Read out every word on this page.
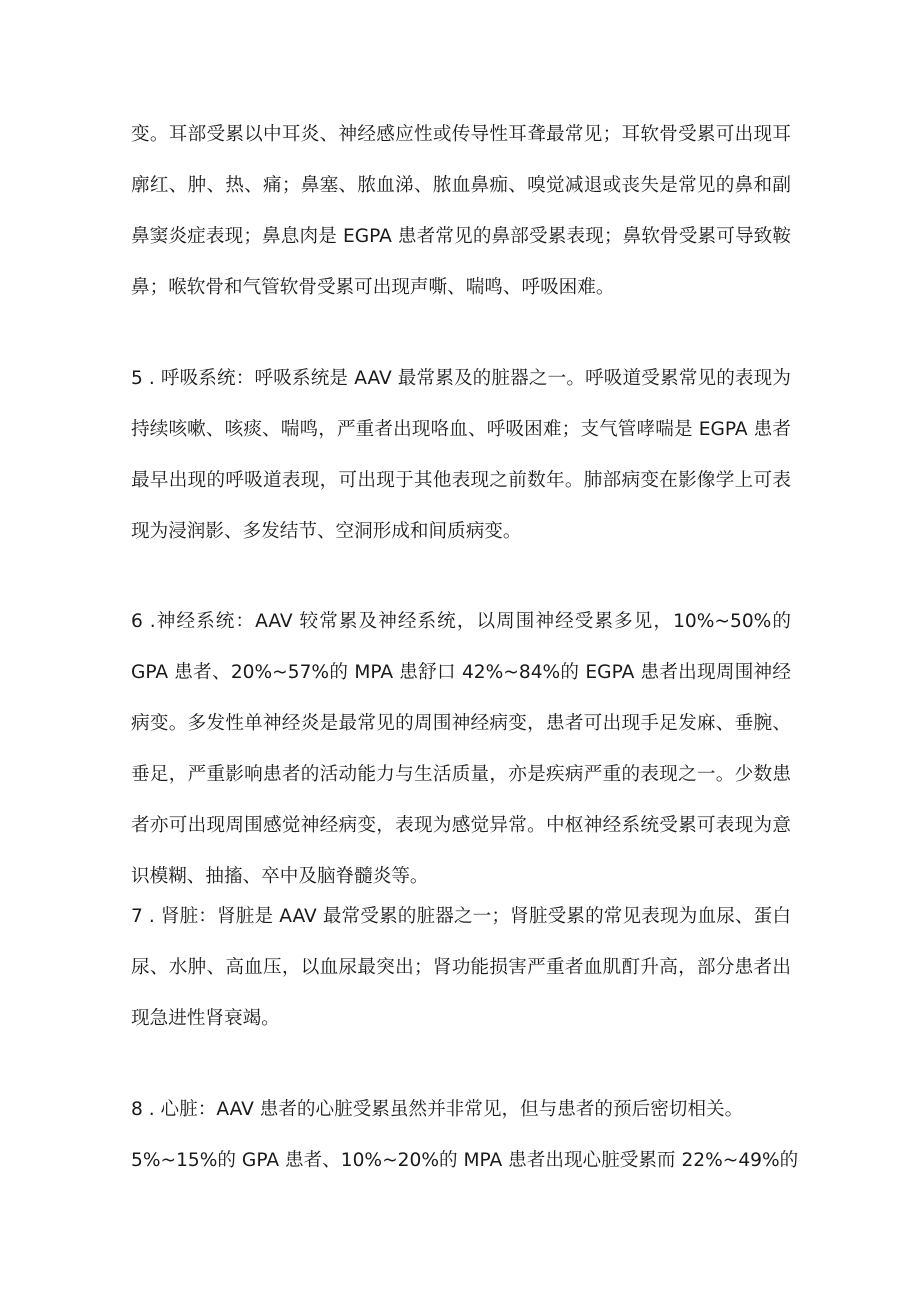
变。耳部受累以中耳炎、神经感应性或传导性耳聋最常见；耳软骨受累可出现耳
廓红、肿、热、痛；鼻塞、脓血涕、脓血鼻痂、嗅觉减退或丧失是常见的鼻和副
鼻窦炎症表现；鼻息肉是 EGPA 患者常见的鼻部受累表现；鼻软骨受累可导致鞍
鼻；喉软骨和气管软骨受累可出现声嘶、喘鸣、呼吸困难。
5 . 呼吸系统：呼吸系统是 AAV 最常累及的脏器之一。呼吸道受累常见的表现为
持续咳嗽、咳痰、喘鸣，严重者出现咯血、呼吸困难；支气管哮喘是 EGPA 患者
最早出现的呼吸道表现，可出现于其他表现之前数年。肺部病变在影像学上可表
现为浸润影、多发结节、空洞形成和间质病变。
6 .神经系统：AAV 较常累及神经系统，以周围神经受累多见，10%~50%的
GPA 患者、20%~57%的 MPA 患舒口 42%~84%的 EGPA 患者出现周围神经
病变。多发性单神经炎是最常见的周围神经病变，患者可出现手足发麻、垂腕、
垂足，严重影响患者的活动能力与生活质量，亦是疾病严重的表现之一。少数患
者亦可出现周围感觉神经病变，表现为感觉异常。中枢神经系统受累可表现为意
识模糊、抽搐、卒中及脑脊髓炎等。
7 . 肾脏：肾脏是 AAV 最常受累的脏器之一；肾脏受累的常见表现为血尿、蛋白
尿、水肿、高血压，以血尿最突出；肾功能损害严重者血肌酊升高，部分患者出
现急进性肾衰竭。
8 . 心脏：AAV 患者的心脏受累虽然并非常见，但与患者的预后密切相关。
5%~15%的 GPA 患者、10%~20%的 MPA 患者出现心脏受累而 22%~49%的
